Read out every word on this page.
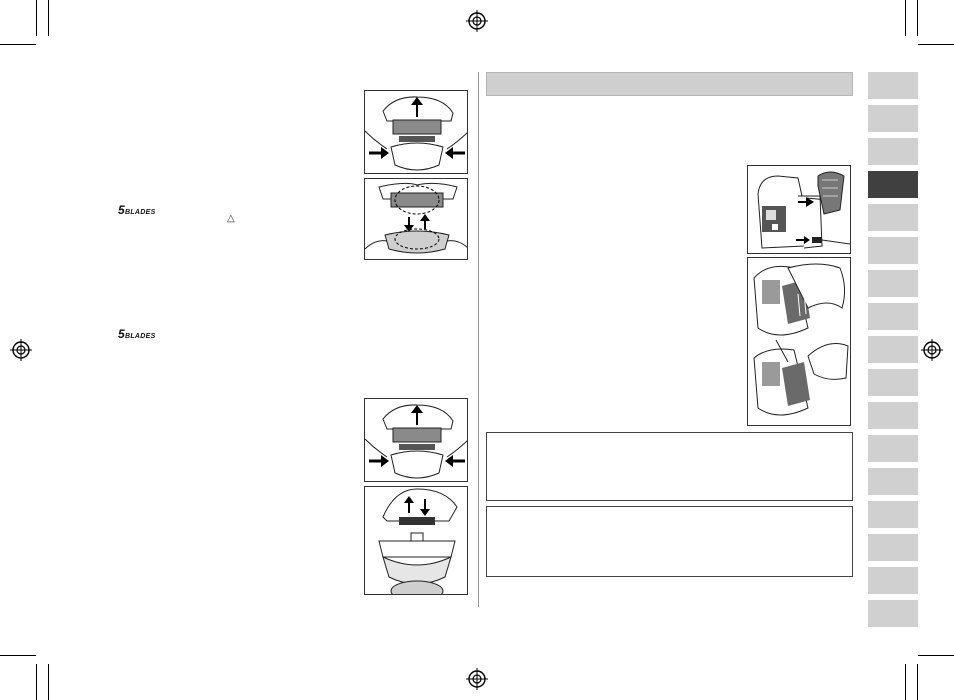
5BLADES
△
5BLADES
